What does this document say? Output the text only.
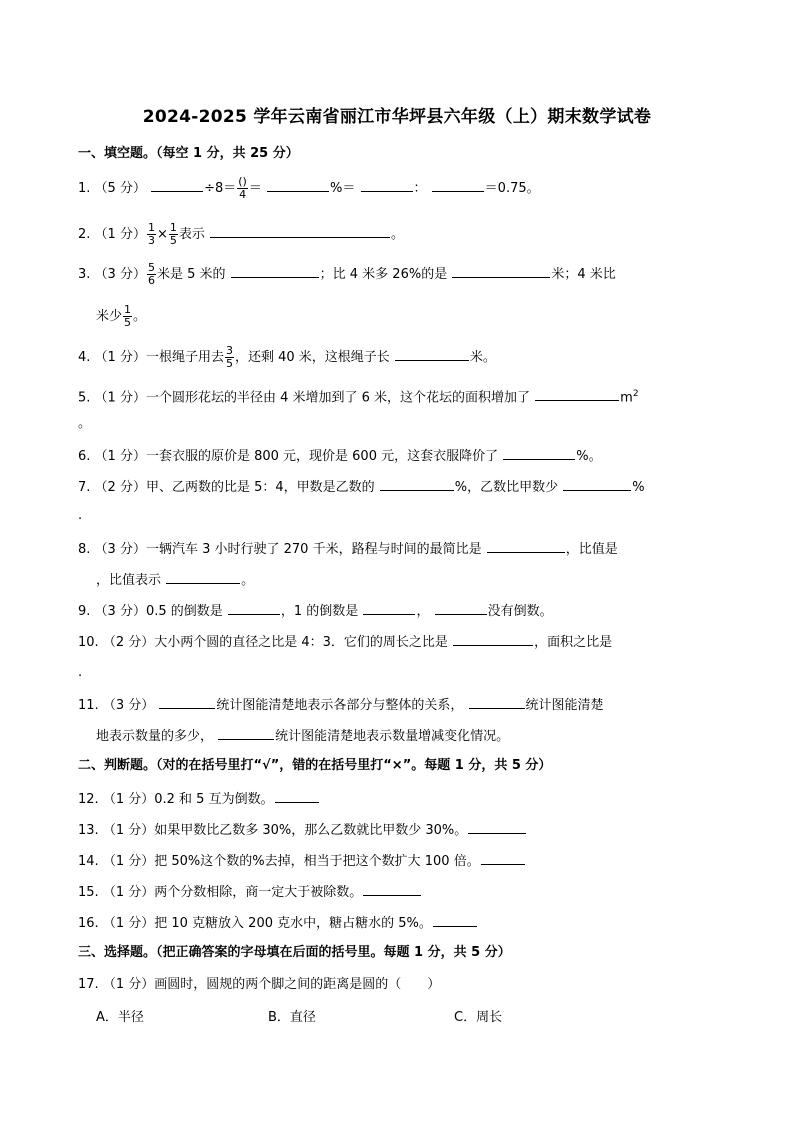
2024-2025 学年云南省丽江市华坪县六年级（上）期末数学试卷
一、填空题。（每空 1 分，共 25 分）
1. （5 分）	$\div 8= \frac{()}{4}$ ＝	%＝	：	＝0.75。
2. （1 分） $\frac{1}{3} \times \frac{1}{5}$ 表示	。
3. （3 分） $\frac{5}{6}$ 米是 5 米的	；比 4 米多 26%的是	米；4 米比
米少 $\frac{1}{5}$ 。
4. （1 分）一根绳子用去 $\frac{3}{5}$ ，还剩 40 米，这根绳子长	米。
5. （1 分）一个圆形花坛的半径由 4 米增加到了 6 米，这个花坛的面积增加了	$m^2$
。
6. （1 分）一套衣服的原价是 800 元，现价是 600 元，这套衣服降价了	%。
7. （2 分）甲、乙两数的比是 5：4，甲数是乙数的	%，乙数比甲数少	%
.
8. （3 分）一辆汽车 3 小时行驶了 270 千米，路程与时间的最简比是	，比值是
，比值表示	。
9. （3 分）0.5 的倒数是	，1 的倒数是	，	没有倒数。
10. （2 分）大小两个圆的直径之比是 4：3．它们的周长之比是	，面积之比是
.
11. （3 分）	统计图能清楚地表示各部分与整体的关系，	统计图能清楚
地表示数量的多少，	统计图能清楚地表示数量增减变化情况。
二、判断题。（对的在括号里打“√”，错的在括号里打“×”。每题 1 分，共 5 分）
12. （1 分）0.2 和 5 互为倒数。
13. （1 分）如果甲数比乙数多 30%，那么乙数就比甲数少 30%。
14. （1 分）把 50%这个数的%去掉，相当于把这个数扩大 100 倍。
15. （1 分）两个分数相除，商一定大于被除数。
16. （1 分）把 10 克糖放入 200 克水中，糖占糖水的 5%。
三、选择题。（把正确答案的字母填在后面的括号里。每题 1 分，共 5 分）
17. （1 分）画圆时，圆规的两个脚之间的距离是圆的（　　）
A．半径	B．直径	C．周长
